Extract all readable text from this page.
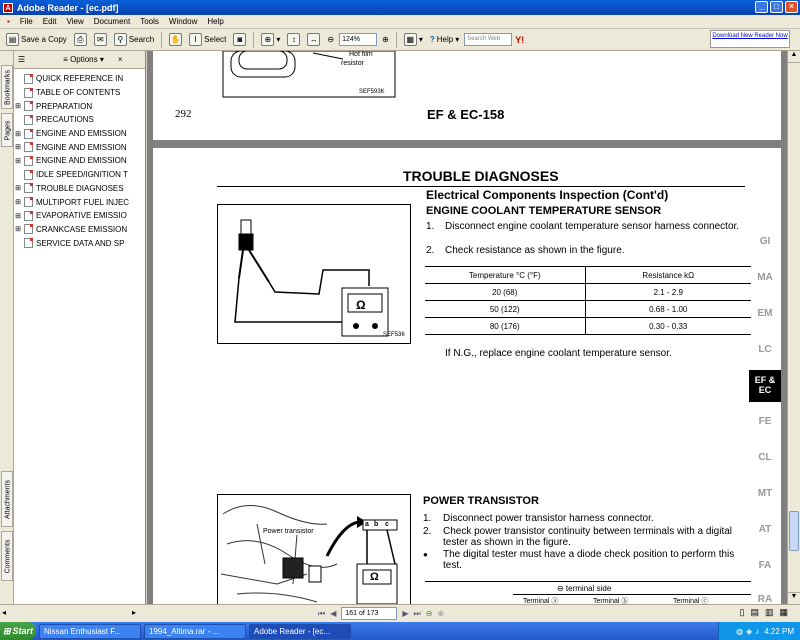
A Adobe Reader - [ec.pdf]	_	□	×
▪	File	Edit	View	Document	Tools	Window	Help
▤ Save a Copy	⎙	✉	⚲ Search ✋	I Select	◙	⊕ ▾	↕	↔	⊖	124%	⊕	▦ ▾ ? Help ▾	Search Web	Y!	Download New Reader Now
Bookmarks
Pages
Attachments
Comments
☰	≡ Options ▾ ×
QUICK REFERENCE IN
TABLE OF CONTENTS
⊞ PREPARATION
PRECAUTIONS
⊞ ENGINE AND EMISSION
⊞ ENGINE AND EMISSION
⊞ ENGINE AND EMISSION
IDLE SPEED/IGNITION T
⊞ TROUBLE DIAGNOSES
⊞ MULTIPORT FUEL INJEC
⊞ EVAPORATIVE EMISSIO
⊞ CRANKCASE EMISSION
SERVICE DATA AND SP
Hot film
resistor
SEF593K
292	EF & EC-158
TROUBLE DIAGNOSES
Electrical Components Inspection (Cont'd)
ENGINE COOLANT TEMPERATURE SENSOR
1. Disconnect engine coolant temperature sensor harness connector.
2. Check resistance as shown in the figure.
Ω
SEF536
Temperature °C (°F)	Resistance kΩ
20 (68)	2.1 - 2.9
50 (122)	0.68 - 1.00
80 (176)	0.30 - 0.33
If N.G., replace engine coolant temperature sensor.
POWER TRANSISTOR
1. Disconnect power transistor harness connector.
2. Check power transistor continuity between terminals with a digital tester as shown in the figure.
● The digital tester must have a diode check position to perform this test.
Power transistor
a b c
Ω
⊖ terminal side
Terminal ⓐ	Terminal ⓑ	Terminal ⓒ
GI
MA
EM
LC
EF & EC
FE
CL
MT
AT
FA
RA
▲
▼
◂	▸	⏮ ◀	161 of 173	▶ ⏭ ⊖ ⊕	▯ ▤ ▥ ▦
⊞ Start	Nissan Enthusiast F...	1994_Altima.rar - ...	Adobe Reader - [ec...	◍ ◈ ♪ 4:22 PM
